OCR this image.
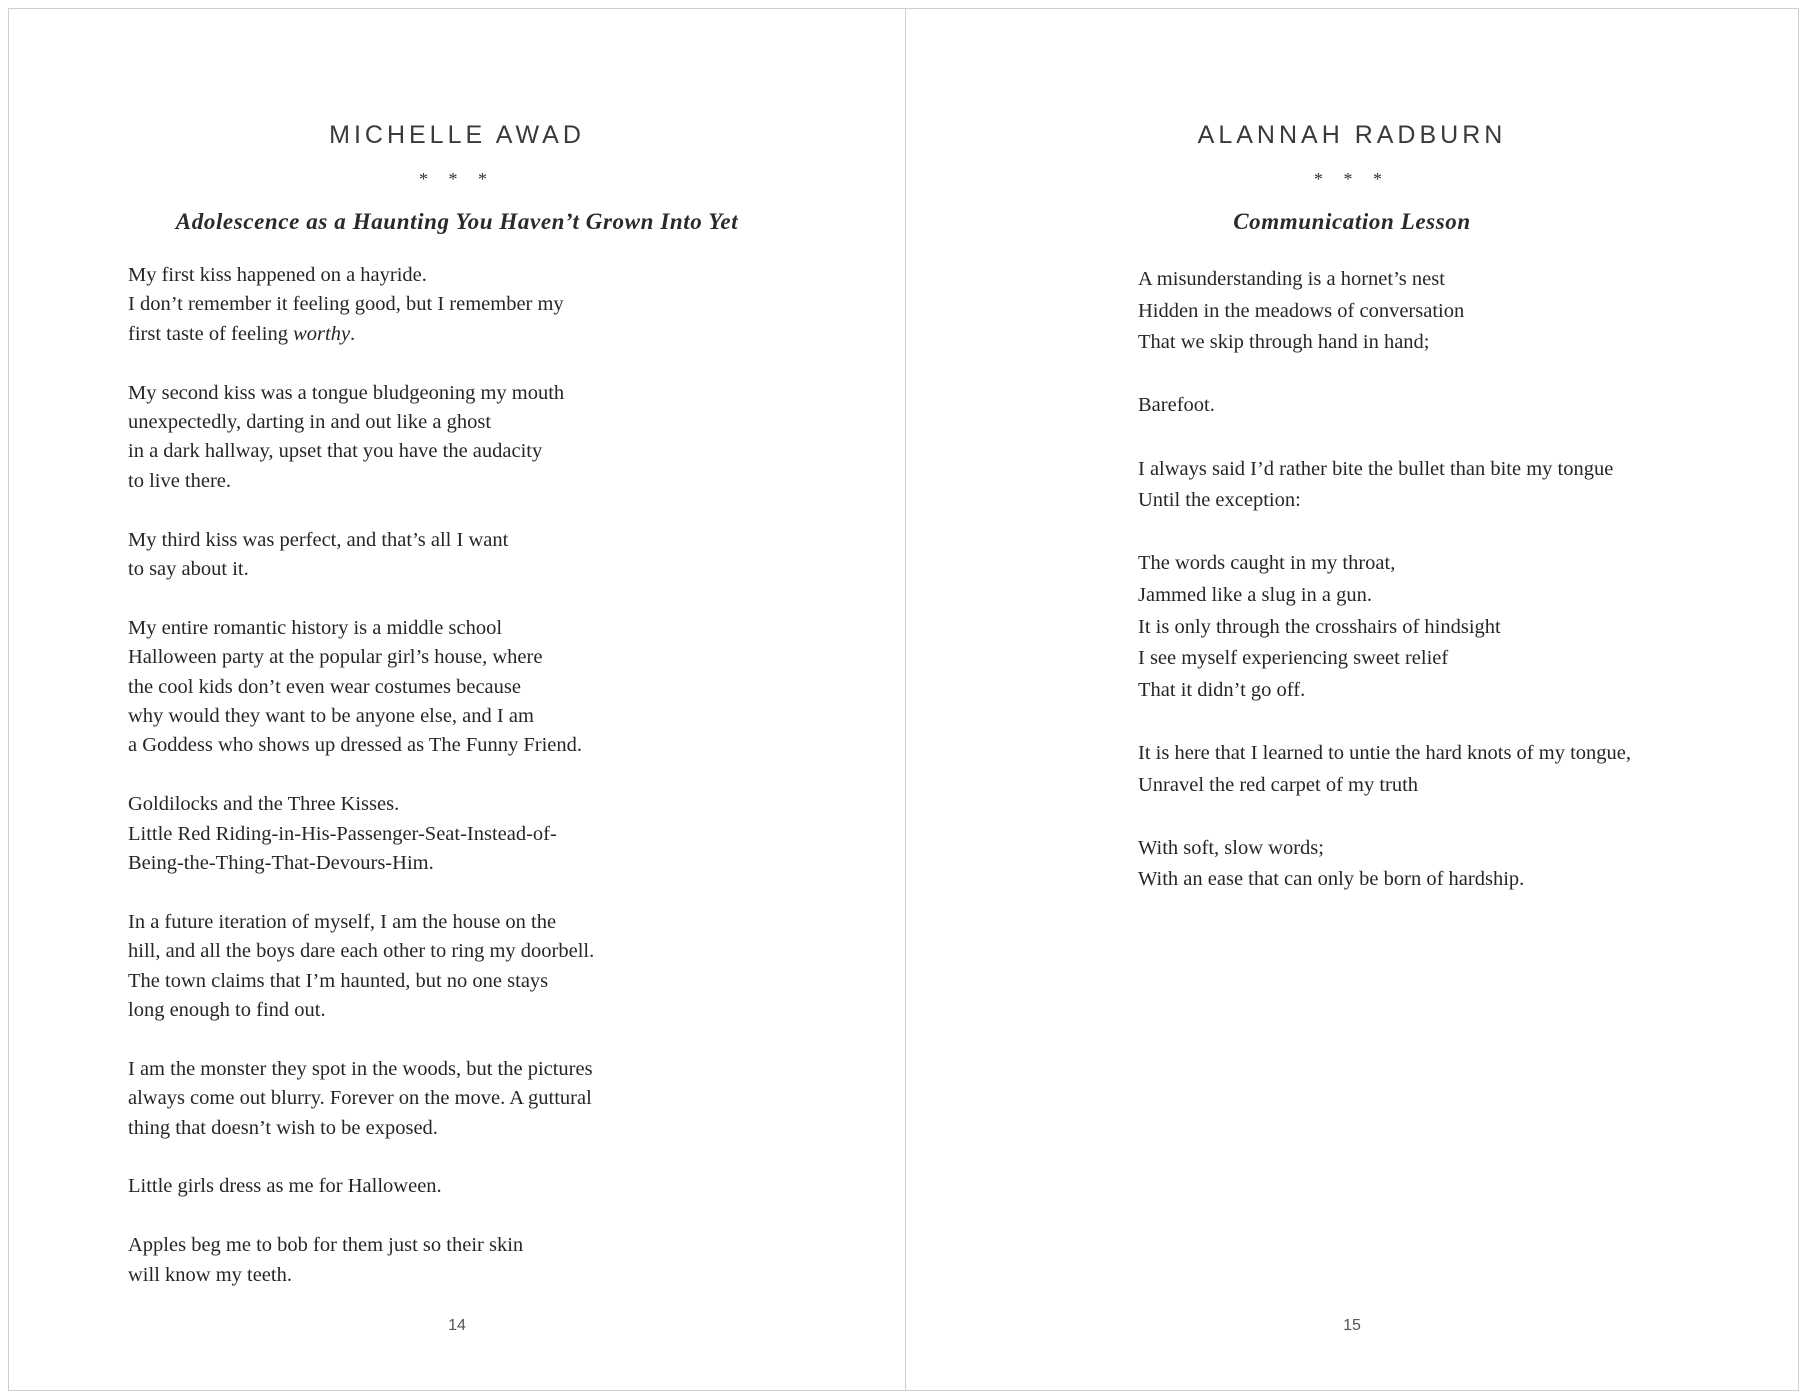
MICHELLE AWAD
* * *
Adolescence as a Haunting You Haven’t Grown Into Yet

My first kiss happened on a hayride.
I don’t remember it feeling good, but I remember my
first taste of feeling worthy.

My second kiss was a tongue bludgeoning my mouth
unexpectedly, darting in and out like a ghost
in a dark hallway, upset that you have the audacity
to live there.

My third kiss was perfect, and that’s all I want
to say about it.

My entire romantic history is a middle school
Halloween party at the popular girl’s house, where
the cool kids don’t even wear costumes because
why would they want to be anyone else, and I am
a Goddess who shows up dressed as The Funny Friend.

Goldilocks and the Three Kisses.
Little Red Riding-in-His-Passenger-Seat-Instead-of-
Being-the-Thing-That-Devours-Him.

In a future iteration of myself, I am the house on the
hill, and all the boys dare each other to ring my doorbell.
The town claims that I’m haunted, but no one stays
long enough to find out.

I am the monster they spot in the woods, but the pictures
always come out blurry. Forever on the move. A guttural
thing that doesn’t wish to be exposed.

Little girls dress as me for Halloween.

Apples beg me to bob for them just so their skin
will know my teeth.

14
ALANNAH RADBURN
* * *
Communication Lesson

A misunderstanding is a hornet’s nest
Hidden in the meadows of conversation
That we skip through hand in hand;

Barefoot.

I always said I’d rather bite the bullet than bite my tongue
Until the exception:

The words caught in my throat,
Jammed like a slug in a gun.
It is only through the crosshairs of hindsight
I see myself experiencing sweet relief
That it didn’t go off.

It is here that I learned to untie the hard knots of my tongue,
Unravel the red carpet of my truth

With soft, slow words;
With an ease that can only be born of hardship.

15
